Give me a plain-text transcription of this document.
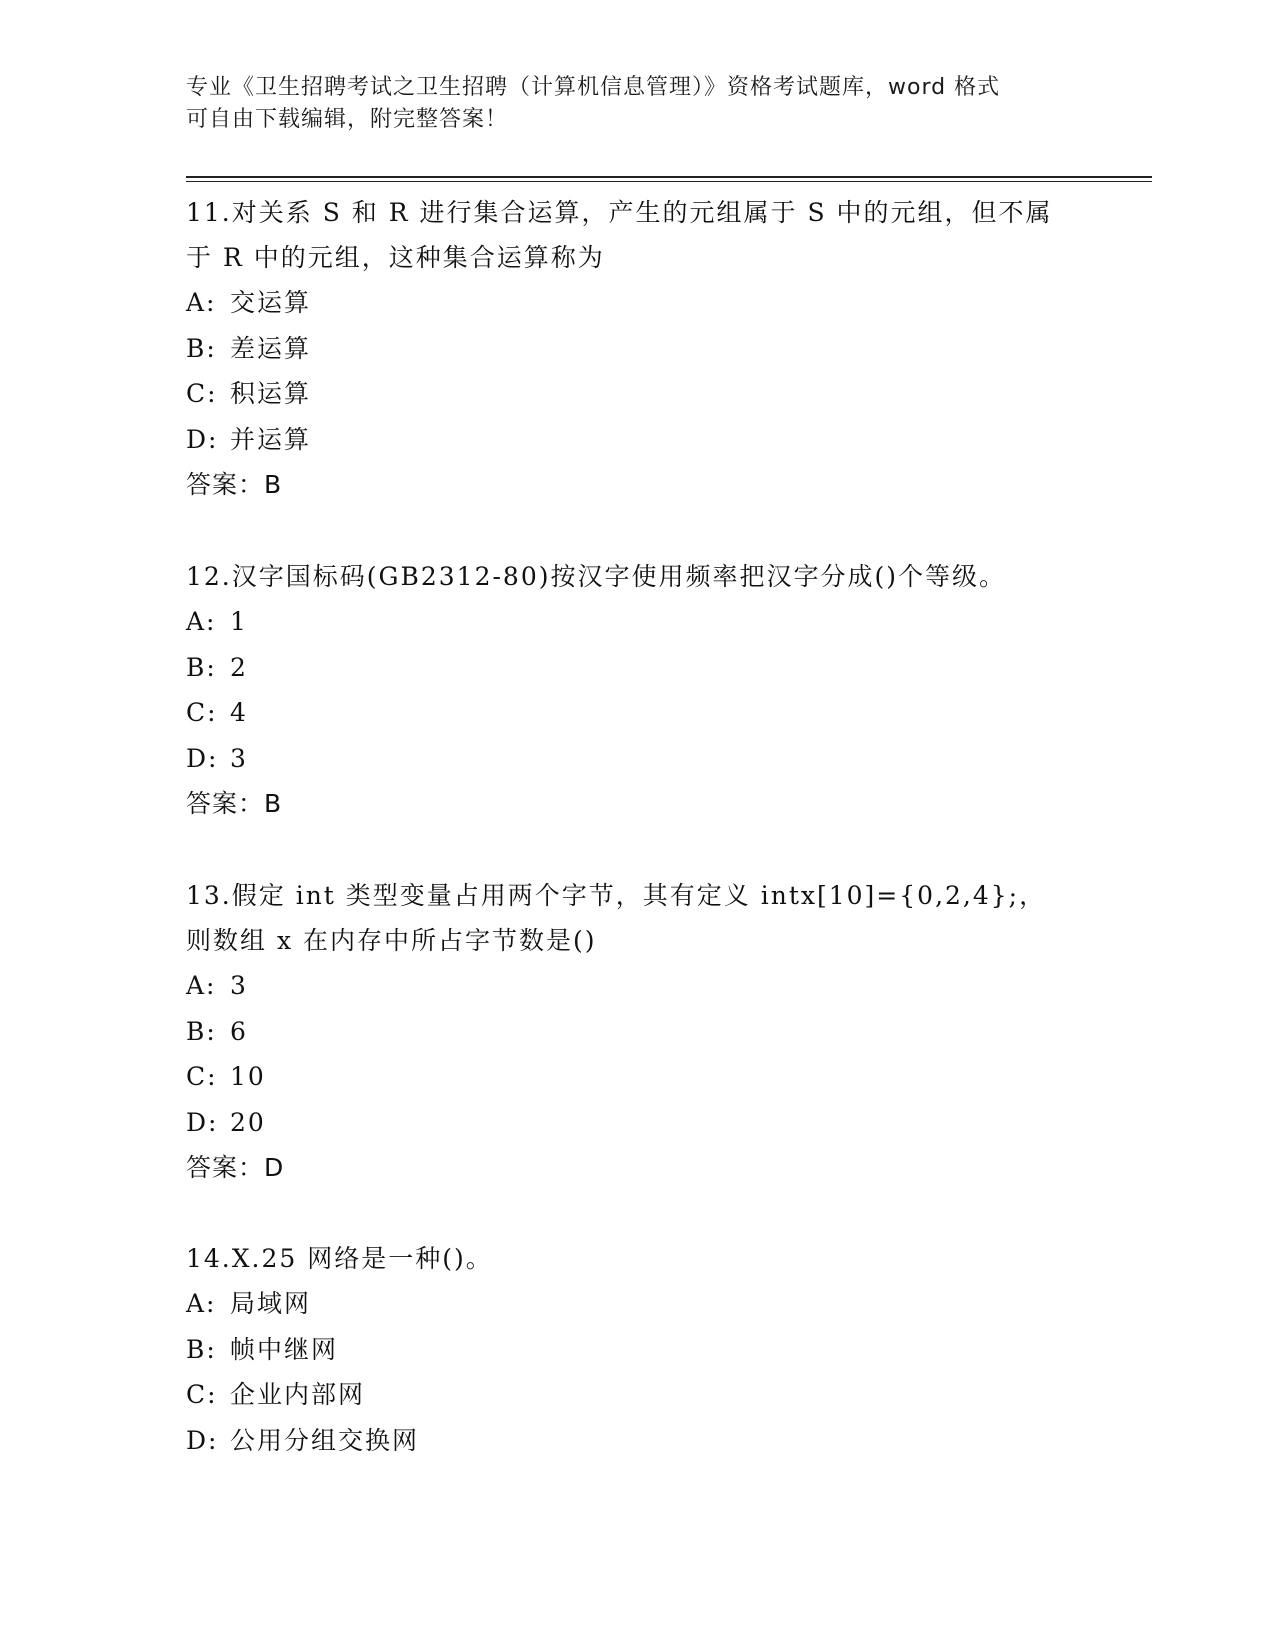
专业《卫生招聘考试之卫生招聘（计算机信息管理）》资格考试题库，word 格式
可自由下载编辑，附完整答案！
11.对关系 S 和 R 进行集合运算，产生的元组属于 S 中的元组，但不属
于 R 中的元组，这种集合运算称为
A: 交运算
B: 差运算
C: 积运算
D: 并运算
答案：B
12.汉字国标码(GB2312-80)按汉字使用频率把汉字分成()个等级。
A: 1
B: 2
C: 4
D: 3
答案：B
13.假定 int 类型变量占用两个字节，其有定义 intx[10]={0,2,4};，
则数组 x 在内存中所占字节数是()
A: 3
B: 6
C: 10
D: 20
答案：D
14.X.25 网络是一种()。
A: 局域网
B: 帧中继网
C: 企业内部网
D: 公用分组交换网
